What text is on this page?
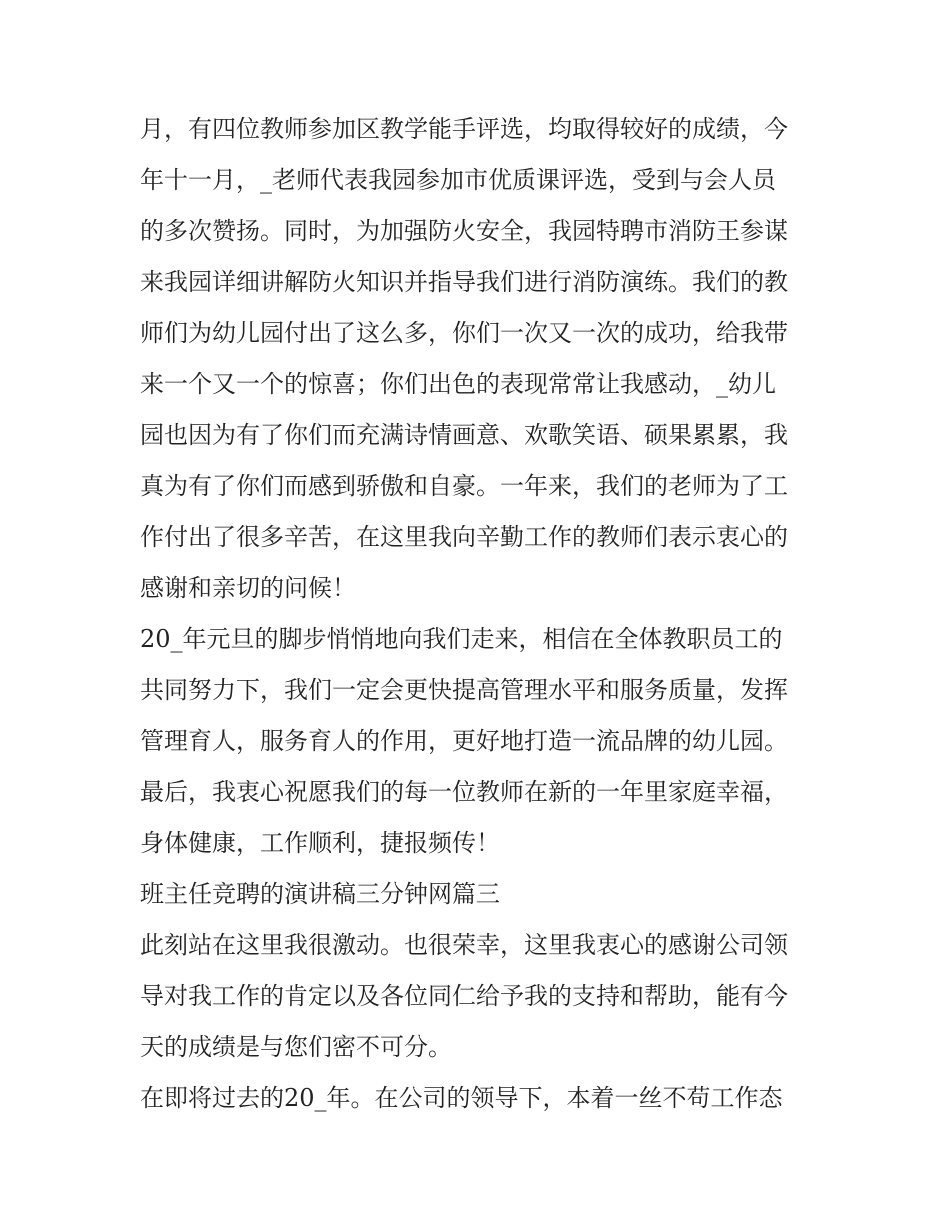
月，有四位教师参加区教学能手评选，均取得较好的成绩，今
年十一月，_老师代表我园参加市优质课评选，受到与会人员
的多次赞扬。同时，为加强防火安全，我园特聘市消防王参谋
来我园详细讲解防火知识并指导我们进行消防演练。我们的教
师们为幼儿园付出了这么多，你们一次又一次的成功，给我带
来一个又一个的惊喜；你们出色的表现常常让我感动，_幼儿
园也因为有了你们而充满诗情画意、欢歌笑语、硕果累累，我
真为有了你们而感到骄傲和自豪。一年来，我们的老师为了工
作付出了很多辛苦，在这里我向辛勤工作的教师们表示衷心的
感谢和亲切的问候！
20_年元旦的脚步悄悄地向我们走来，相信在全体教职员工的
共同努力下，我们一定会更快提高管理水平和服务质量，发挥
管理育人，服务育人的作用，更好地打造一流品牌的幼儿园。
最后，我衷心祝愿我们的每一位教师在新的一年里家庭幸福，
身体健康，工作顺利，捷报频传！
班主任竞聘的演讲稿三分钟网篇三
此刻站在这里我很激动。也很荣幸，这里我衷心的感谢公司领
导对我工作的肯定以及各位同仁给予我的支持和帮助，能有今
天的成绩是与您们密不可分。
在即将过去的20_年。在公司的领导下，本着一丝不苟工作态
